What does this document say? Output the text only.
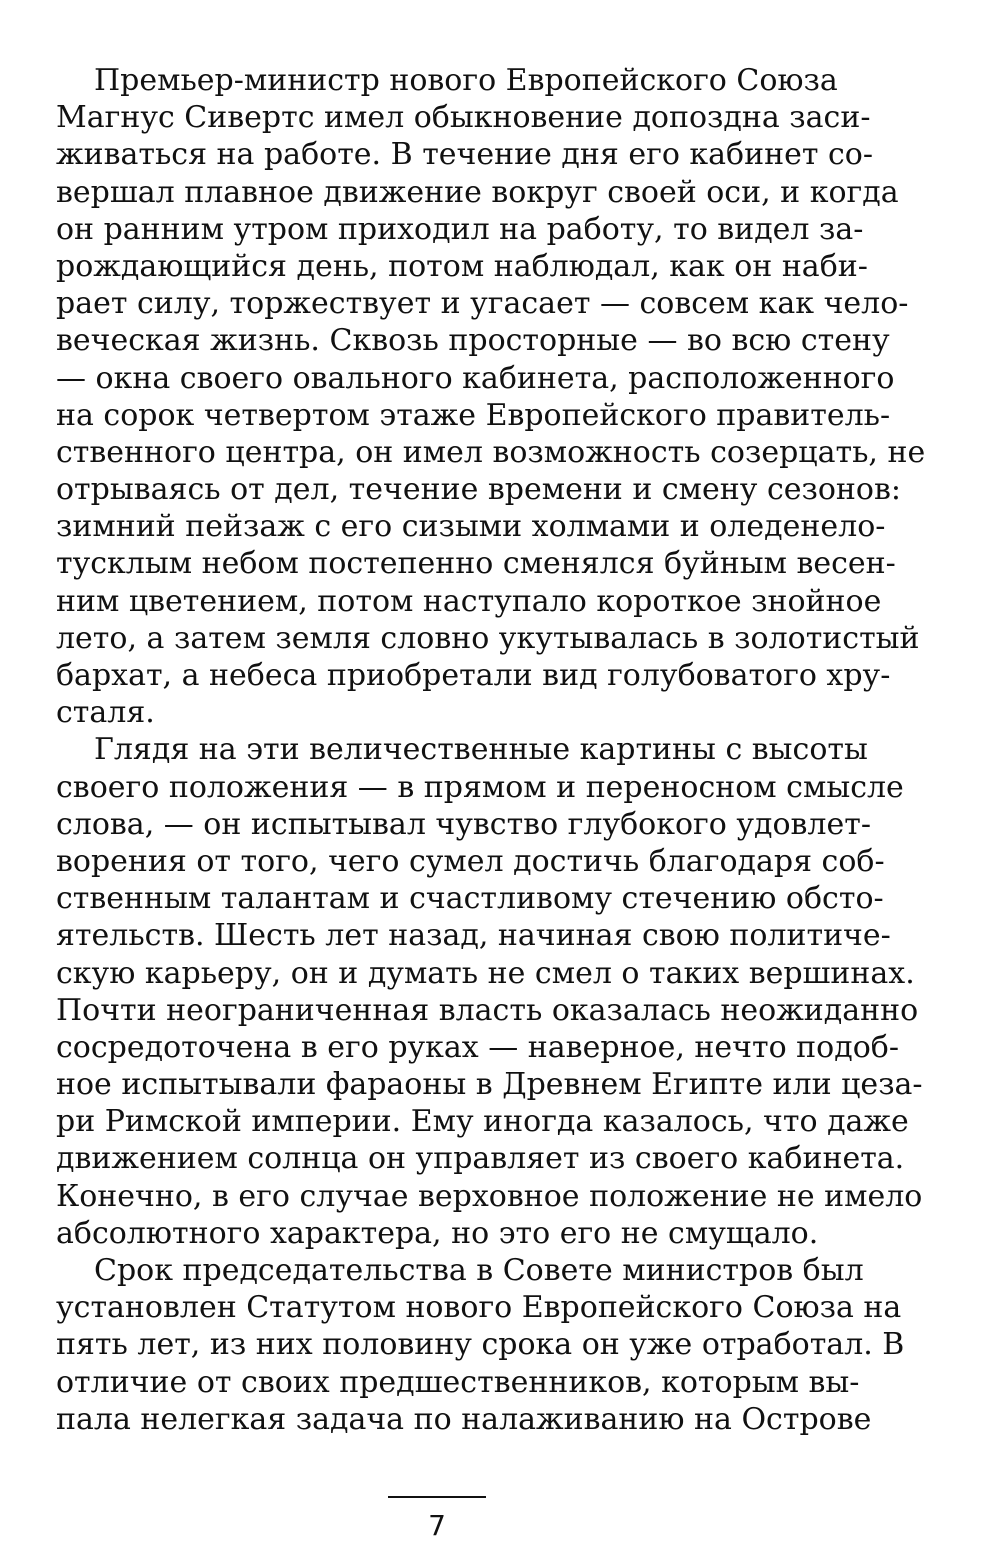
Премьер-министр нового Европейского Союза
Магнус Сивертс имел обыкновение допоздна заси-
живаться на работе. В течение дня его кабинет со-
вершал плавное движение вокруг своей оси, и когда
он ранним утром приходил на работу, то видел за-
рождающийся день, потом наблюдал, как он наби-
рает силу, торжествует и угасает — совсем как чело-
веческая жизнь. Сквозь просторные — во всю стену
— окна своего овального кабинета, расположенного
на сорок четвертом этаже Европейского правитель-
ственного центра, он имел возможность созерцать, не
отрываясь от дел, течение времени и смену сезонов:
зимний пейзаж с его сизыми холмами и оледенело-
тусклым небом постепенно сменялся буйным весен-
ним цветением, потом наступало короткое знойное
лето, а затем земля словно укутывалась в золотистый
бархат, а небеса приобретали вид голубоватого хру-
сталя.
Глядя на эти величественные картины с высоты
своего положения — в прямом и переносном смысле
слова, — он испытывал чувство глубокого удовлет-
ворения от того, чего сумел достичь благодаря соб-
ственным талантам и счастливому стечению обсто-
ятельств. Шесть лет назад, начиная свою политиче-
скую карьеру, он и думать не смел о таких вершинах.
Почти неограниченная власть оказалась неожиданно
сосредоточена в его руках — наверное, нечто подоб-
ное испытывали фараоны в Древнем Египте или цеза-
ри Римской империи. Ему иногда казалось, что даже
движением солнца он управляет из своего кабинета.
Конечно, в его случае верховное положение не имело
абсолютного характера, но это его не смущало.
Срок председательства в Совете министров был
установлен Статутом нового Европейского Союза на
пять лет, из них половину срока он уже отработал. В
отличие от своих предшественников, которым вы-
пала нелегкая задача по налаживанию на Острове
7
